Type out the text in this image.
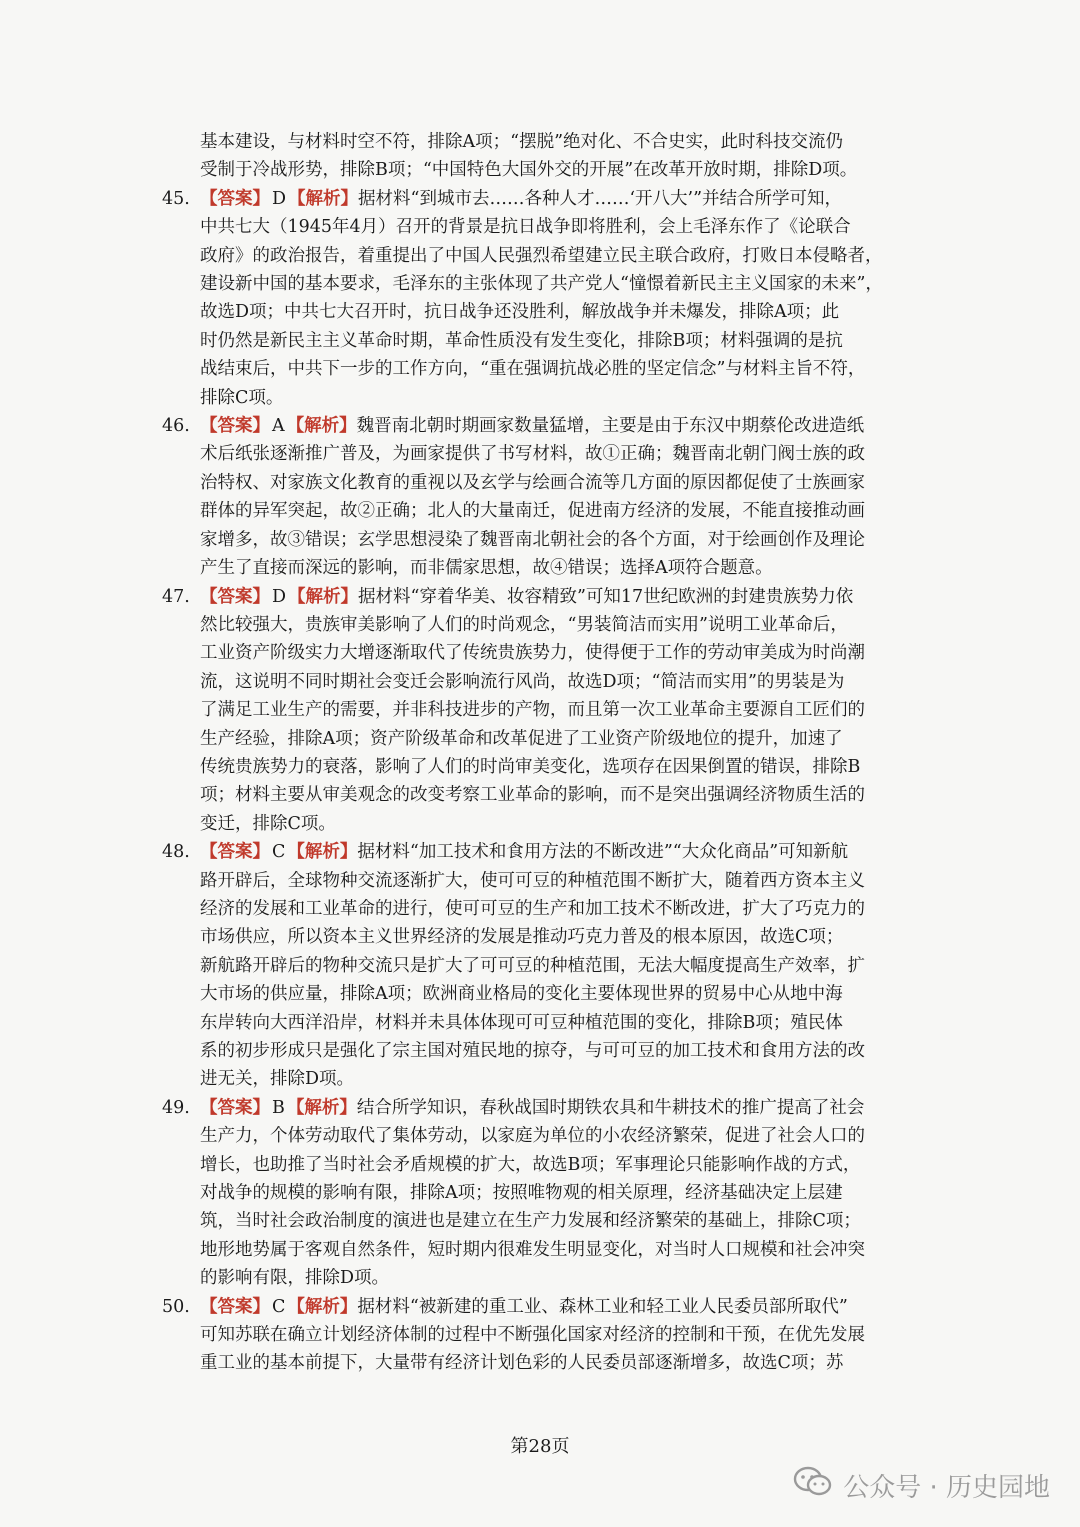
基本建设，与材料时空不符，排除A项；“摆脱”绝对化、不合史实，此时科技交流仍
受制于冷战形势，排除B项；“中国特色大国外交的开展”在改革开放时期，排除D项。
45. 【答案】 D 【解析】据材料“到城市去……各种人才……‘开八大’”并结合所学可知，
中共七大（1945年4月）召开的背景是抗日战争即将胜利，会上毛泽东作了《论联合
政府》的政治报告，着重提出了中国人民强烈希望建立民主联合政府，打败日本侵略者，
建设新中国的基本要求，毛泽东的主张体现了共产党人“憧憬着新民主主义国家的未来”，
故选D项；中共七大召开时，抗日战争还没胜利，解放战争并未爆发，排除A项；此
时仍然是新民主主义革命时期，革命性质没有发生变化，排除B项；材料强调的是抗
战结束后，中共下一步的工作方向，“重在强调抗战必胜的坚定信念”与材料主旨不符，
排除C项。
46. 【答案】 A 【解析】魏晋南北朝时期画家数量猛增，主要是由于东汉中期蔡伦改进造纸
术后纸张逐渐推广普及，为画家提供了书写材料，故①正确；魏晋南北朝门阀士族的政
治特权、对家族文化教育的重视以及玄学与绘画合流等几方面的原因都促使了士族画家
群体的异军突起，故②正确；北人的大量南迁，促进南方经济的发展，不能直接推动画
家增多，故③错误；玄学思想浸染了魏晋南北朝社会的各个方面，对于绘画创作及理论
产生了直接而深远的影响，而非儒家思想，故④错误；选择A项符合题意。
47. 【答案】 D 【解析】据材料“穿着华美、妆容精致”可知17世纪欧洲的封建贵族势力依
然比较强大，贵族审美影响了人们的时尚观念，“男装简洁而实用”说明工业革命后，
工业资产阶级实力大增逐渐取代了传统贵族势力，使得便于工作的劳动审美成为时尚潮
流，这说明不同时期社会变迁会影响流行风尚，故选D项；“简洁而实用”的男装是为
了满足工业生产的需要，并非科技进步的产物，而且第一次工业革命主要源自工匠们的
生产经验，排除A项；资产阶级革命和改革促进了工业资产阶级地位的提升，加速了
传统贵族势力的衰落，影响了人们的时尚审美变化，选项存在因果倒置的错误，排除B
项；材料主要从审美观念的改变考察工业革命的影响，而不是突出强调经济物质生活的
变迁，排除C项。
48. 【答案】 C 【解析】据材料“加工技术和食用方法的不断改进”“大众化商品”可知新航
路开辟后，全球物种交流逐渐扩大，使可可豆的种植范围不断扩大，随着西方资本主义
经济的发展和工业革命的进行，使可可豆的生产和加工技术不断改进，扩大了巧克力的
市场供应，所以资本主义世界经济的发展是推动巧克力普及的根本原因，故选C项；
新航路开辟后的物种交流只是扩大了可可豆的种植范围，无法大幅度提高生产效率，扩
大市场的供应量，排除A项；欧洲商业格局的变化主要体现世界的贸易中心从地中海
东岸转向大西洋沿岸，材料并未具体体现可可豆种植范围的变化，排除B项；殖民体
系的初步形成只是强化了宗主国对殖民地的掠夺，与可可豆的加工技术和食用方法的改
进无关，排除D项。
49. 【答案】 B 【解析】结合所学知识，春秋战国时期铁农具和牛耕技术的推广提高了社会
生产力，个体劳动取代了集体劳动，以家庭为单位的小农经济繁荣，促进了社会人口的
增长，也助推了当时社会矛盾规模的扩大，故选B项；军事理论只能影响作战的方式，
对战争的规模的影响有限，排除A项；按照唯物观的相关原理，经济基础决定上层建
筑，当时社会政治制度的演进也是建立在生产力发展和经济繁荣的基础上，排除C项；
地形地势属于客观自然条件，短时期内很难发生明显变化，对当时人口规模和社会冲突
的影响有限，排除D项。
50. 【答案】 C 【解析】据材料“被新建的重工业、森林工业和轻工业人民委员部所取代”
可知苏联在确立计划经济体制的过程中不断强化国家对经济的控制和干预，在优先发展
重工业的基本前提下，大量带有经济计划色彩的人民委员部逐渐增多，故选C项；苏
第28页
公众号 · 历史园地
